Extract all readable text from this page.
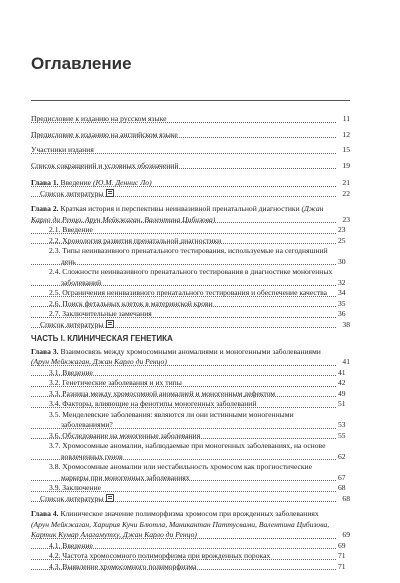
Оглавление
Предисловие к изданию на русском языке	11
Предисловие к изданию на английском языке	12
Участники издания	15
Список сокращений и условных обозначений	19
Глава 1. Введение (Ю.М. Деннис Ло)	21
Список литературы	22
Глава 2. Краткая история и перспективы неинвазивной пренатальной диагностики (Джан Карло ди Ренцо, Арун Мейкжаган, Валентина Цибизова)	23
2.1. Введение	23
2.2. Хронология развития пренатальной диагностики	25
2.3. Типы неинвазивного пренатального тестирования, используемые на сегодняшний день	30
2.4. Сложности неинвазивного пренатального тестирования в диагностике моногенных заболеваний	32
2.5. Ограничения неинвазивного пренатального тестирования и обеспечение качества 34
2.6. Поиск фетальных клеток в материнской крови	35
2.7. Заключительные замечания	36
Список литературы	38
ЧАСТЬ I. КЛИНИЧЕСКАЯ ГЕНЕТИКА
Глава 3. Взаимосвязь между хромосомными аномалиями и моногенными заболеваниями (Арун Мейкжаган, Джан Карло ди Ренцо)	41
3.1. Введение	41
3.2. Генетические заболевания и их типы	42
3.3. Разница между хромосомной аномалией и моногенным дефектом	49
3.4. Факторы, влияющие на фенотипы моногенных заболеваний	51
3.5. Менделевские заболевания: являются ли они истинными моногенными заболеваниями?	53
3.6. Обследование на моногенные заболевания	55
3.7. Хромосомные аномалии, наблюдаемые при моногенных заболеваниях, на основе вовлеченных генов	62
3.8. Хромосомные аномалии или нестабильность хромосом как прогностические маркеры при моногенных заболеваниях	67
3.9. Заключение	68
Список литературы	68
Глава 4. Клиническое значение полиморфизма хромосом при врожденных заболеваниях (Арун Мейкжаган, Харирия Кучи Блютла, Маникантан Паттусвами, Валентина Цибизова, Картик Кумар Алагамутху, Джан Карло ди Ренцо)	69
4.1. Введение	69
4.2. Частота хромосомного полиморфизма при врожденных пороках	71
4.3. Выявление хромосомного полиморфизма	71
